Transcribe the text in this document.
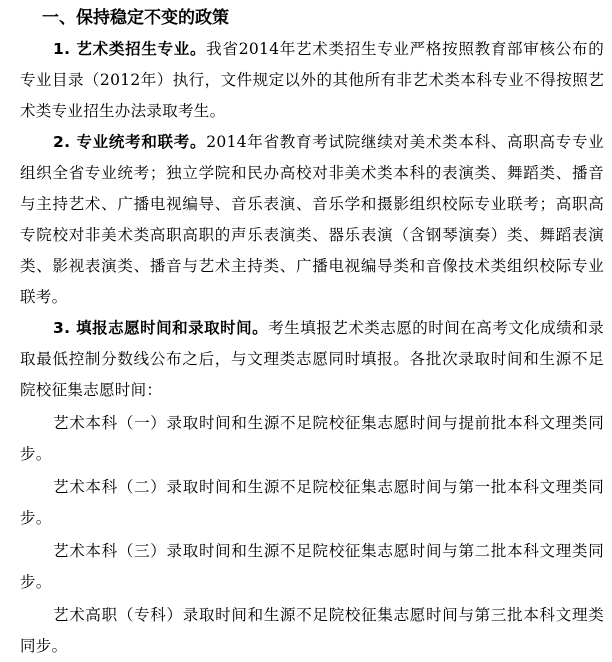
一、保持稳定不变的政策

1. 艺术类招生专业。我省2014年艺术类招生专业严格按照教育部审核公布的专业目录（2012年）执行，文件规定以外的其他所有非艺术类本科专业不得按照艺术类专业招生办法录取考生。

2. 专业统考和联考。2014年省教育考试院继续对美术类本科、高职高专专业组织全省专业统考；独立学院和民办高校对非美术类本科的表演类、舞蹈类、播音与主持艺术、广播电视编导、音乐表演、音乐学和摄影组织校际专业联考；高职高专院校对非美术类高职高职的声乐表演类、器乐表演（含钢琴演奏）类、舞蹈表演类、影视表演类、播音与艺术主持类、广播电视编导类和音像技术类组织校际专业联考。

3. 填报志愿时间和录取时间。考生填报艺术类志愿的时间在高考文化成绩和录取最低控制分数线公布之后，与文理类志愿同时填报。各批次录取时间和生源不足院校征集志愿时间：

艺术本科（一）录取时间和生源不足院校征集志愿时间与提前批本科文理类同步。

艺术本科（二）录取时间和生源不足院校征集志愿时间与第一批本科文理类同步。

艺术本科（三）录取时间和生源不足院校征集志愿时间与第二批本科文理类同步。

艺术高职（专科）录取时间和生源不足院校征集志愿时间与第三批本科文理类同步。
